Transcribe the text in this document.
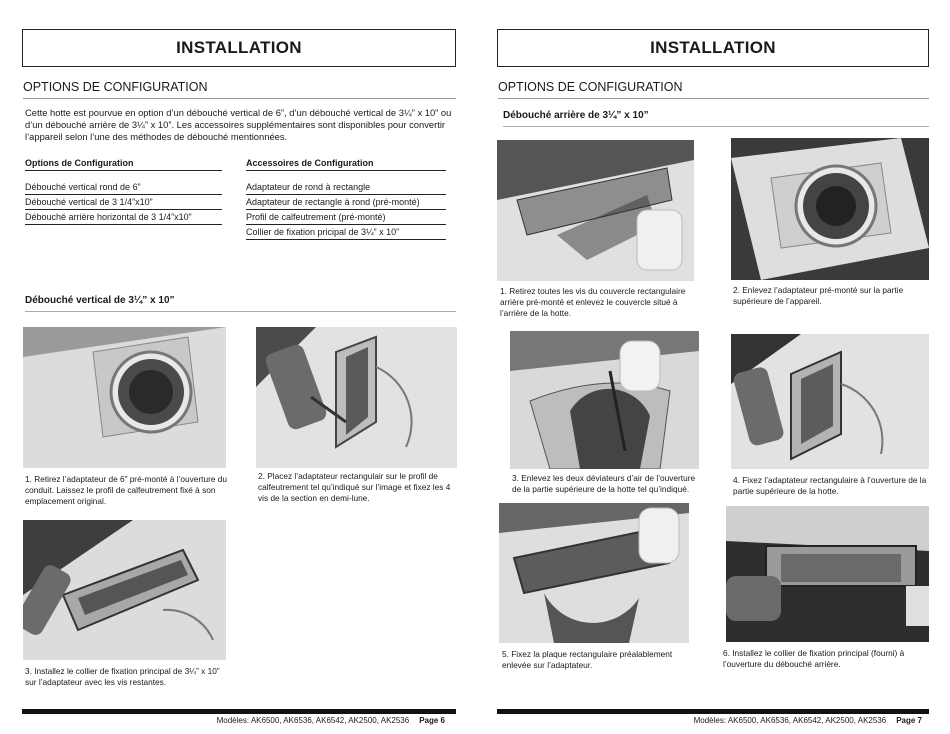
INSTALLATION
OPTIONS DE CONFIGURATION
Cette hotte est pourvue en option d’un débouché vertical de 6”, d’un débouché vertical de 3¼” x 10” ou d’un débouché arrière de 3¼” x 10”. Les accessoires supplémentaires sont disponibles pour convertir l’appareil selon l’une des méthodes de débouché mentionnées.
Options de Configuration
Débouché vertical rond de 6”
Débouché vertical de 3 1/4”x10”
Débouché arrière horizontal de 3 1/4”x10”
Accessoires de Configuration
Adaptateur de rond à rectangle
Adaptateur de rectangle à rond (pré-monté)
Profil de calfeutrement (pré-monté)
Collier de fixation pricipal de 3¼” x 10”
Débouché vertical de 3¼” x 10”
1. Retirez l’adaptateur de 6” pré-monté à l’ouverture du conduit. Laissez le profil de calfeutrement fixé à son emplacement original.
2. Placez l’adaptateur rectangulair sur le profil de calfeutrement tel qu’indiqué sur l’image et fixez les 4 vis de la section en demi-lune.
3. Installez le collier de fixation principal de 3¼” x 10” sur l’adaptateur avec les vis restantes.
Modèles: AK6500, AK6536, AK6542, AK2500, AK2536 Page 6
INSTALLATION
OPTIONS DE CONFIGURATION
Débouché arrière de 3¼” x 10”
1. Retirez toutes les vis du couvercle rectangulaire arrière pré-monté et enlevez le couvercle situé à l’arrière de la hotte.
2. Enlevez l’adaptateur pré-monté sur la partie supérieure de l’appareil.
3. Enlevez les deux déviateurs d’air de l’ouverture de la partie supérieure de la hotte tel qu’indiqué.
4. Fixez l’adaptateur rectangulaire à l’ouverture de la partie supérieure de la hotte.
5. Fixez la plaque rectangulaire préalablement enlevée sur l’adaptateur.
6. Installez le collier de fixation principal (fourni) à l’ouverture du débouché arrière.
Modèles: AK6500, AK6536, AK6542, AK2500, AK2536 Page 7
